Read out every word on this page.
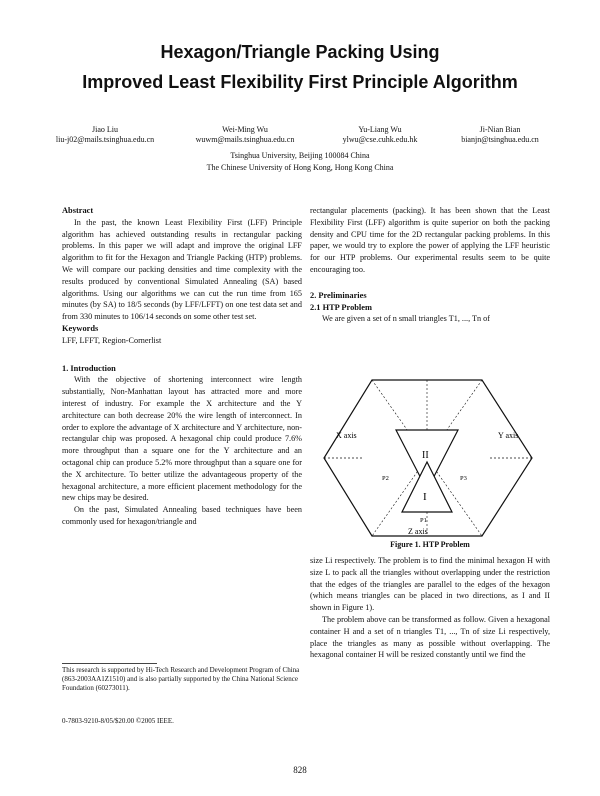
Hexagon/Triangle Packing Using
Improved Least Flexibility First Principle Algorithm
Jiao Liu
liu-j02@mails.tsinghua.edu.cn
Wei-Ming Wu
wuwm@mails.tsinghua.edu.cn
Yu-Liang Wu
ylwu@cse.cuhk.edu.hk
Ji-Nian Bian
bianjn@tsinghua.edu.cn
Tsinghua University, Beijing 100084 China
The Chinese University of Hong Kong, Hong Kong China
Abstract

In the past, the known Least Flexibility First (LFF) Principle algorithm has achieved outstanding results in rectangular packing problems. In this paper we will adapt and improve the original LFF algorithm to fit for the Hexagon and Triangle Packing (HTP) problems. We will compare our packing densities and time complexity with the results produced by conventional Simulated Annealing (SA) based algorithms. Using our algorithms we can cut the run time from 165 minutes (by SA) to 18/5 seconds (by LFF/LFFT) on one test data set and from 330 minutes to 106/14 seconds on some other test set.

Keywords

LFF, LFFT, Region-Cornerlist

1. Introduction

With the objective of shortening interconnect wire length substantially, Non-Manhattan layout has attracted more and more interest of industry. For example the X architecture and the Y architecture can both decrease 20% the wire length of interconnect. In order to explore the advantage of X architecture and Y architecture, non-rectangular chip was proposed. A hexagonal chip could produce 7.6% more throughput than a square one for the Y architecture and an octagonal chip can produce 5.2% more throughput than a square one for the X architecture. To better utilize the advantageous property of the hexagonal architecture, a more efficient placement methodology for the new chips may be desired.

On the past, Simulated Annealing based techniques have been commonly used for hexagon/triangle and

rectangular placements (packing). It has been shown that the Least Flexibility First (LFF) algorithm is quite superior on both the packing density and CPU time for the 2D rectangular packing problems. In this paper, we would try to explore the power of applying the LFF heuristic for our HTP problems. Our experimental results seem to be quite encouraging too.

2. Preliminaries
2.1 HTP Problem

We are given a set of n small triangles T1, ..., Tn of

II
I
X axis	Y axis
Z axis
P2	P3
P1
Figure 1. HTP Problem

size Li respectively. The problem is to find the minimal hexagon H with size L to pack all the triangles without overlapping under the restriction that the edges of the triangles are parallel to the edges of the hexagon (which means triangles can be placed in two directions, as I and II shown in Figure 1).

The problem above can be transformed as follow. Given a hexagonal container H and a set of n triangles T1, ..., Tn of size Li respectively, place the triangles as many as possible without overlapping. The hexagonal container H will be resized constantly until we find the

This research is supported by Hi-Tech Research and Development Program of China (863-2003AA1Z1510) and is also partially supported by the China National Science Foundation (60273011).
0-7803-9210-8/05/$20.00 ©2005 IEEE.
828
